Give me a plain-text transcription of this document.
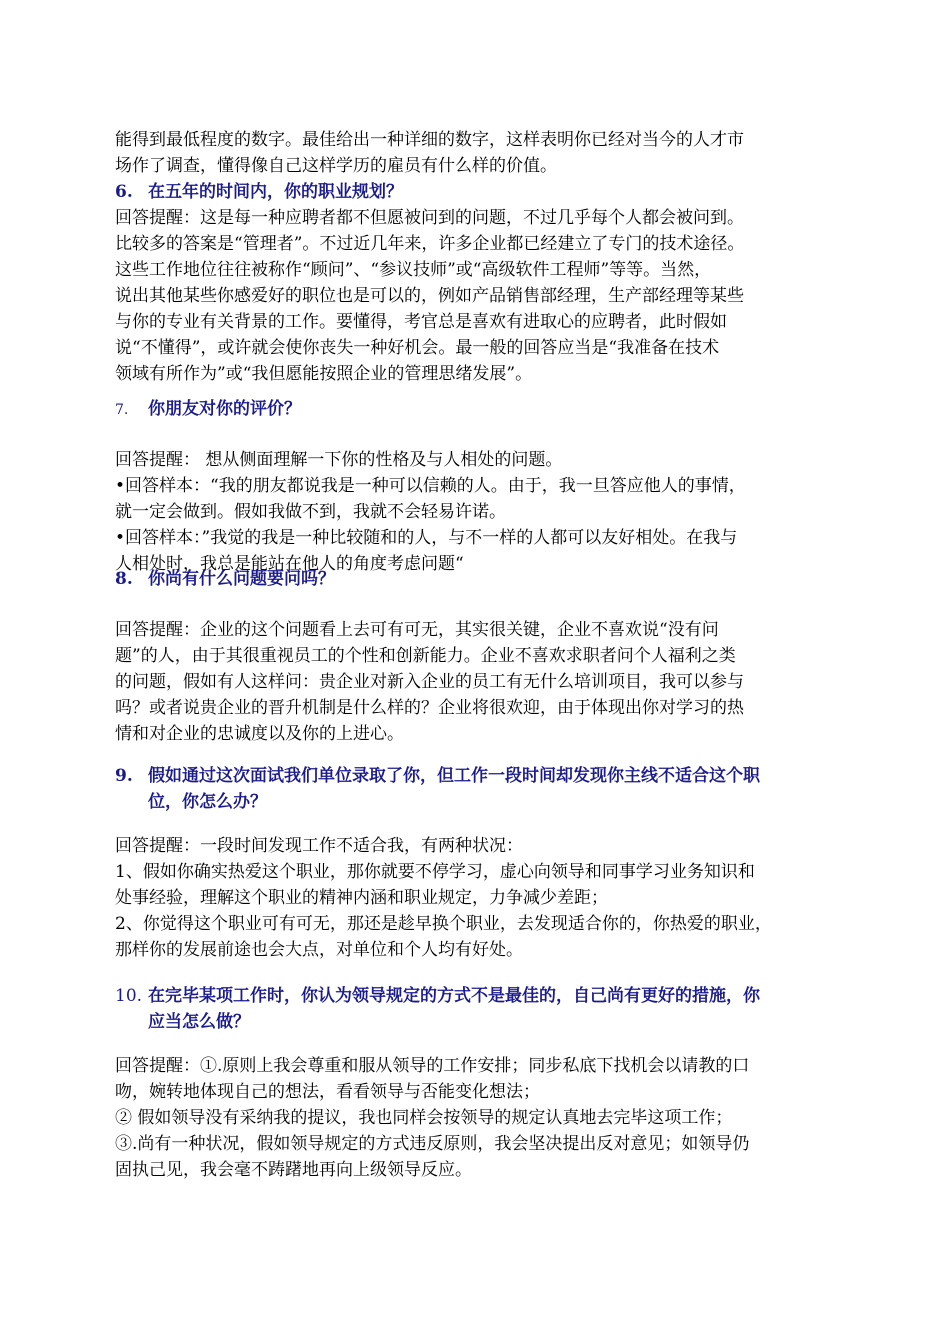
能得到最低程度的数字。最佳给出一种详细的数字，这样表明你已经对当今的人才市
场作了调查，懂得像自己这样学历的雇员有什么样的价值。
回答提醒：这是每一种应聘者都不但愿被问到的问题，不过几乎每个人都会被问到。
比较多的答案是“管理者”。不过近几年来，许多企业都已经建立了专门的技术途径。
这些工作地位往往被称作“顾问”、“参议技师”或“高级软件工程师”等等。当然，
说出其他某些你感爱好的职位也是可以的，例如产品销售部经理，生产部经理等某些
与你的专业有关背景的工作。要懂得，考官总是喜欢有进取心的应聘者，此时假如
说“不懂得”，或许就会使你丧失一种好机会。最一般的回答应当是“我准备在技术
领域有所作为”或“我但愿能按照企业的管理思绪发展”。
回答提醒： 想从侧面理解一下你的性格及与人相处的问题。
•回答样本：“我的朋友都说我是一种可以信赖的人。由于，我一旦答应他人的事情，
就一定会做到。假如我做不到，我就不会轻易许诺。
•回答样本：”我觉的我是一种比较随和的人，与不一样的人都可以友好相处。在我与
人相处时，我总是能站在他人的角度考虑问题“
回答提醒：企业的这个问题看上去可有可无，其实很关键，企业不喜欢说“没有问
题”的人，由于其很重视员工的个性和创新能力。企业不喜欢求职者问个人福利之类
的问题，假如有人这样问：贵企业对新入企业的员工有无什么培训项目，我可以参与
吗？或者说贵企业的晋升机制是什么样的？企业将很欢迎，由于体现出你对学习的热
情和对企业的忠诚度以及你的上进心。
回答提醒：一段时间发现工作不适合我，有两种状况：
1、假如你确实热爱这个职业，那你就要不停学习，虚心向领导和同事学习业务知识和
处事经验，理解这个职业的精神内涵和职业规定，力争减少差距；
2、你觉得这个职业可有可无，那还是趁早换个职业，去发现适合你的，你热爱的职业，
那样你的发展前途也会大点，对单位和个人均有好处。
回答提醒：①.原则上我会尊重和服从领导的工作安排；同步私底下找机会以请教的口
吻，婉转地体现自己的想法，看看领导与否能变化想法；
② 假如领导没有采纳我的提议，我也同样会按领导的规定认真地去完毕这项工作；
③.尚有一种状况，假如领导规定的方式违反原则，我会坚决提出反对意见；如领导仍
固执己见，我会毫不踌躇地再向上级领导反应。
6. 在五年的时间内，你的职业规划？
7. 你朋友对你的评价？
8. 你尚有什么问题要问吗？
9. 假如通过这次面试我们单位录取了你，但工作一段时间却发现你主线不适合这个职
位，你怎么办？
10. 在完毕某项工作时，你认为领导规定的方式不是最佳的，自己尚有更好的措施，你
应当怎么做？
